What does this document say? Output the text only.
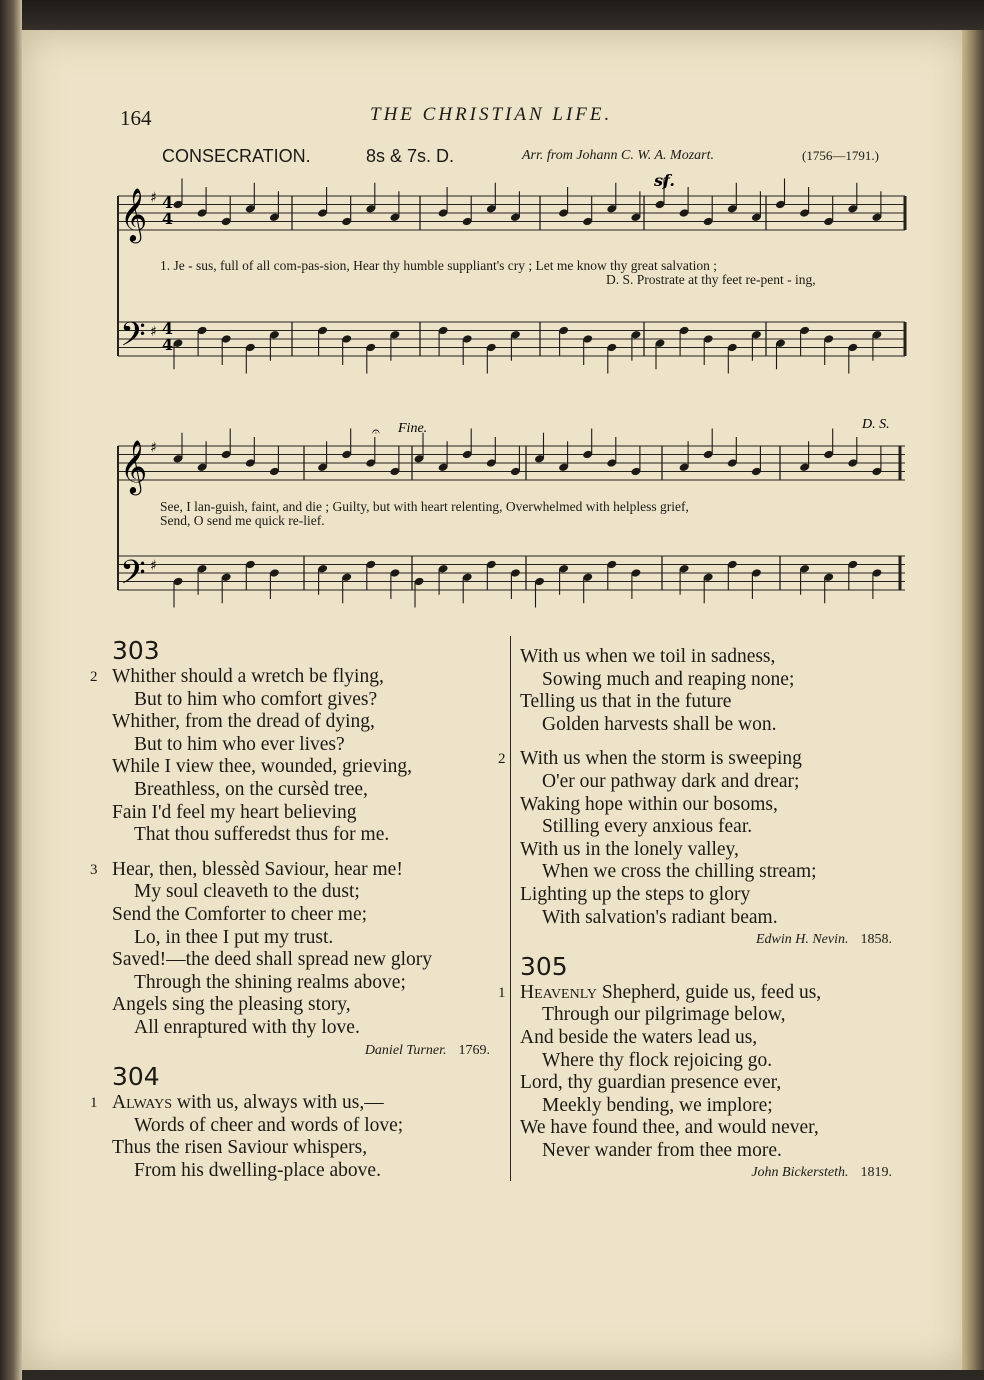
164	THE CHRISTIAN LIFE.
CONSECRATION.	8s & 7s. D.	Arr. from Johann C. W. A. Mozart.	(1756—1791.)
♯
♯
♯
♯
𝄞
𝄢
𝄞
𝄢
4
4
4
4
sf.
Fine.
𝄐	D. S.
1. Je - sus, full of all com-pas-sion, Hear thy humble suppliant's cry ; Let me know thy great salvation ;
D. S. Prostrate at thy feet re-pent - ing,
See, I lan-guish, faint, and die ; Guilty, but with heart relenting, Overwhelmed with helpless grief,
Send, O send me quick re-lief.
303
2 Whither should a wretch be flying,
But to him who comfort gives?
Whither, from the dread of dying,
But to him who ever lives?
While I view thee, wounded, grieving,
Breathless, on the cursèd tree,
Fain I'd feel my heart believing
That thou sufferedst thus for me.
3 Hear, then, blessèd Saviour, hear me!
My soul cleaveth to the dust;
Send the Comforter to cheer me;
Lo, in thee I put my trust.
Saved!—the deed shall spread new glory
Through the shining realms above;
Angels sing the pleasing story,
All enraptured with thy love.
Daniel Turner. 1769.
304
1 Always with us, always with us,—
Words of cheer and words of love;
Thus the risen Saviour whispers,
From his dwelling-place above.
With us when we toil in sadness,
Sowing much and reaping none;
Telling us that in the future
Golden harvests shall be won.
2 With us when the storm is sweeping
O'er our pathway dark and drear;
Waking hope within our bosoms,
Stilling every anxious fear.
With us in the lonely valley,
When we cross the chilling stream;
Lighting up the steps to glory
With salvation's radiant beam.
Edwin H. Nevin. 1858.
305
1 Heavenly Shepherd, guide us, feed us,
Through our pilgrimage below,
And beside the waters lead us,
Where thy flock rejoicing go.
Lord, thy guardian presence ever,
Meekly bending, we implore;
We have found thee, and would never,
Never wander from thee more.
John Bickersteth. 1819.
